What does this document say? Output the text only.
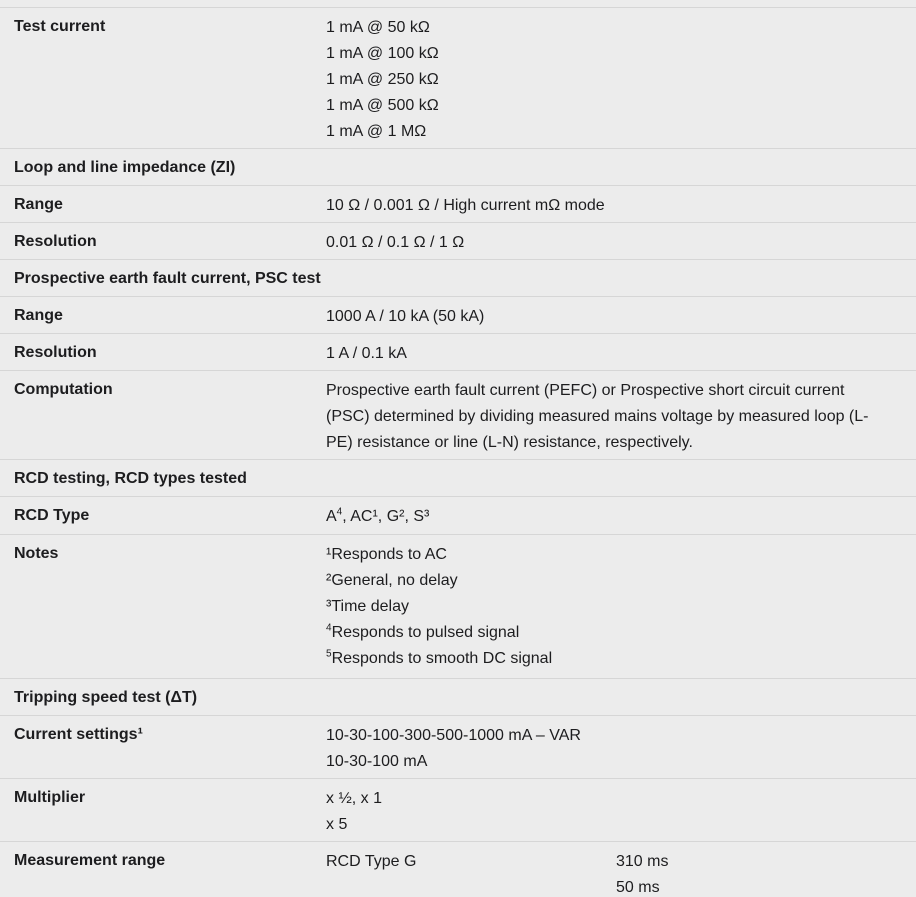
Test current	1 mA @ 50 kΩ
1 mA @ 100 kΩ
1 mA @ 250 kΩ
1 mA @ 500 kΩ
1 mA @ 1 MΩ
Loop and line impedance (ZI)
Range	10 Ω / 0.001 Ω / High current mΩ mode
Resolution	0.01 Ω / 0.1 Ω / 1 Ω
Prospective earth fault current, PSC test
Range	1000 A / 10 kA (50 kA)
Resolution	1 A / 0.1 kA
Computation	Prospective earth fault current (PEFC) or Prospective short circuit current (PSC) determined by dividing measured mains voltage by measured loop (L-PE) resistance or line (L-N) resistance, respectively.
RCD testing, RCD types tested
RCD Type	$A^4$, AC¹, G², S³
Notes	¹Responds to AC
²General, no delay
³Time delay
$^4$Responds to pulsed signal
$^5$Responds to smooth DC signal
Tripping speed test (ΔT)
Current settings¹	10-30-100-300-500-1000 mA – VAR
10-30-100 mA
Multiplier	x ½, x 1
x 5
Measurement range	RCD Type G	310 ms
50 ms
